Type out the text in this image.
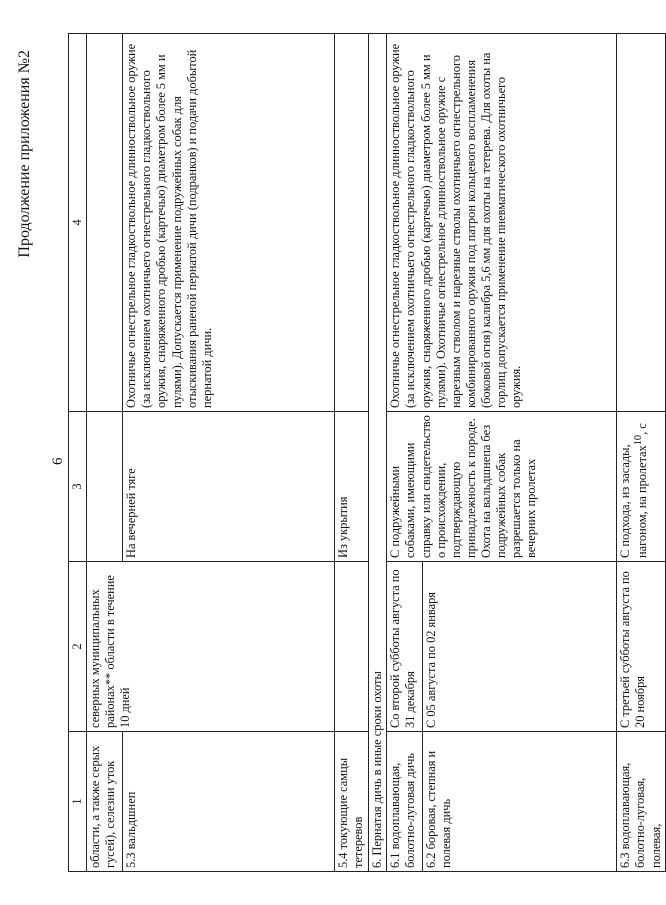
6
Продолжение приложения №2
1	2	3	4
области, а также серых гусей), селезни уток	северных муниципальных районах** области в течение 10 дней		
5.3 вальдшнеп		На вечерней тяге	Охотничье огнестрельное гладкоствольное длинноствольное оружие (за исключением охотничьего огнестрельного гладкоствольного оружия, снаряженного дробью (картечью) диаметром более 5 мм и пулями). Допускается применение подружейных собак для отыскивания раненой пернатой дичи (подранков) и подачи добытой пернатой дичи.
5.4 токующие самцы тетеревов		Из укрытия	
6. Пернатая дичь в иные сроки охоты			
6.1 водоплавающая, болотно-луговая дичь	Со второй субботы августа по 31 декабря	С подружейными собаками, имеющими справку или свидетельство о происхождении, подтверждающую принадлежность к породе. Охота на вальдшнепа без подружейных собак разрешается только на вечерних пролетах	Охотничье огнестрельное гладкоствольное длинноствольное оружие (за исключением охотничьего огнестрельного гладкоствольного оружия, снаряженного дробью (картечью) диаметром более 5 мм и пулями). Охотничье огнестрельное длинноствольное оружие с нарезным стволом и нарезные стволы охотничьего огнестрельного комбинированного оружия под патрон кольцевого воспламенения (боковой огня) калибра 5,6 мм для охоты на тетерева. Для охоты на горлиц допускается применение пневматического охотничьего оружия.
6.2 боровая, степная и полевая дичь	С 05 августа по 02 января		
6.3 водоплавающая, болотно-луговая, полевая,	С третьей субботы августа по 20 ноября	С подхода, из засады, нагоном, на пролетах$^{10}$, с	
